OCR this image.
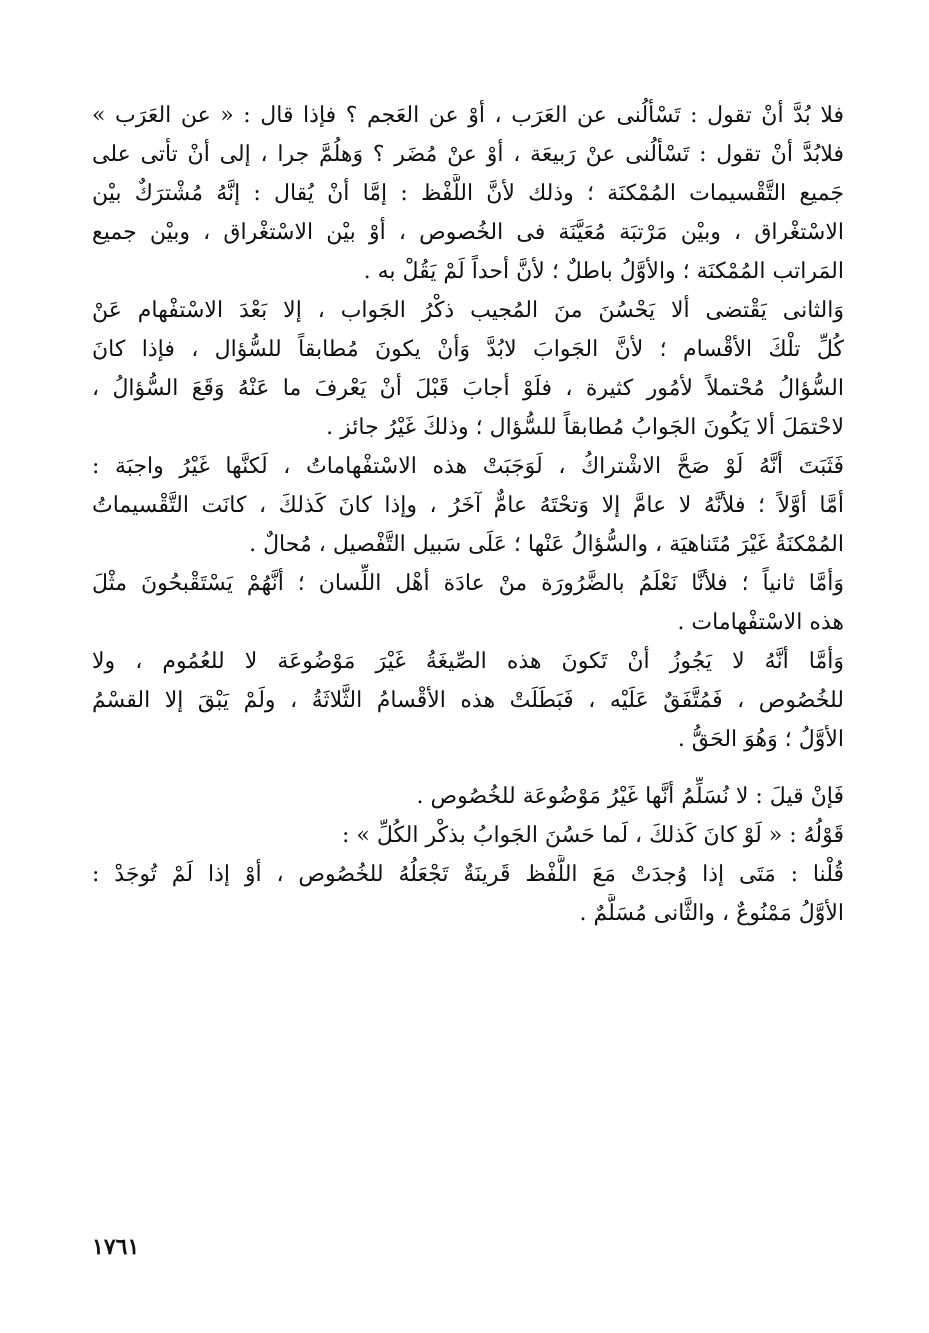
فلا بُدَّ أنْ تقول : تَسْألُنى عن العَرَب ، أوْ عن العَجم ؟ فإذا قال : « عن العَرَب »
فلابُدَّ أنْ تقول : تَسْألُنى عنْ رَبيعَة ، أوْ عنْ مُضَر ؟ وَهلُمَّ جرا ، إلى أنْ تأتى على
جَميع التَّقْسيمات المُمْكنَة ؛ وذلك لأنَّ اللَّفْظ : إمَّا أنْ يُقال : إنَّهُ مُشْترَكٌ بيْن
الاسْتغْراق ، وبيْن مَرْتبَة مُعَيَّنَة فى الخُصوص ، أوْ بيْن الاسْتغْراق ، وبيْن جميع
المَراتب المُمْكنَة ؛ والأوَّلُ باطلٌ ؛ لأنَّ أحداً لَمْ يَقُلْ به .
وَالثانى يَقْتضى ألا يَحْسُنَ منَ المُجيب ذكْرُ الجَواب ، إلا بَعْدَ الاسْتفْهام عَنْ
كُلِّ تلْكَ الأقْسام ؛ لأنَّ الجَوابَ لابُدَّ وَأنْ يكونَ مُطابقاً للسُّؤال ، فإذا كانَ
السُّؤالُ مُحْتملاً لأمُور كثيرة ، فلَوْ أجابَ قَبْلَ أنْ يَعْرفَ ما عَنْهُ وَقَعَ السُّؤالُ ،
لاحْتمَلَ ألا يَكُونَ الجَوابُ مُطابقاً للسُّؤال ؛ وذلكَ غَيْرُ جائز .
فَثَبَتَ أنَّهُ لَوْ صَحَّ الاشْتراكُ ، لَوَجَبَتْ هذه الاسْتفْهاماتُ ، لَكنَّها غَيْرُ واجبَة :
أمَّا أوَّلاً ؛ فلأنَّهُ لا عامَّ إلا وَتحْتَهُ عامٌّ آخَرُ ، وإذا كانَ كَذلكَ ، كانَت التَّقْسيماتُ
المُمْكنَةُ غَيْرَ مُتَناهيَة ، والسُّؤالُ عَنْها ؛ عَلَى سَبيل التَّفْصيل ، مُحالٌ .
وَأمَّا ثانياً ؛ فلأنَّا نَعْلَمُ بالضَّرُورَة منْ عادَة أهْل اللِّسان ؛ أنَّهُمْ يَسْتَقْبحُونَ مثْلَ
هذه الاسْتفْهامات .
وَأمَّا أنَّهُ لا يَجُوزُ أنْ تَكونَ هذه الصِّيغَةُ غَيْرَ مَوْضُوعَة لا للعُمُوم ، ولا
للخُصُوص ، فَمُتَّفَقٌ عَلَيْه ، فَبَطَلَتْ هذه الأقْسامُ الثَّلاثَةُ ، ولَمْ يَبْقَ إلا القسْمُ
الأوَّلُ ؛ وَهُوَ الحَقُّ .
فَإنْ قيلَ : لا نُسَلِّمُ أنَّها غَيْرُ مَوْضُوعَة للخُصُوص .
قَوْلُهُ : « لَوْ كانَ كَذلكَ ، لَما حَسُنَ الجَوابُ بذكْر الكُلِّ » :
قُلْنا : مَتَى إذا وُجدَتْ مَعَ اللَّفْظ قَرينَةٌ تَجْعَلُهُ للخُصُوص ، أوْ إذا لَمْ تُوجَدْ :
الأوَّلُ مَمْنُوعٌ ، والثَّانى مُسَلَّمٌ .
١٧٦١
